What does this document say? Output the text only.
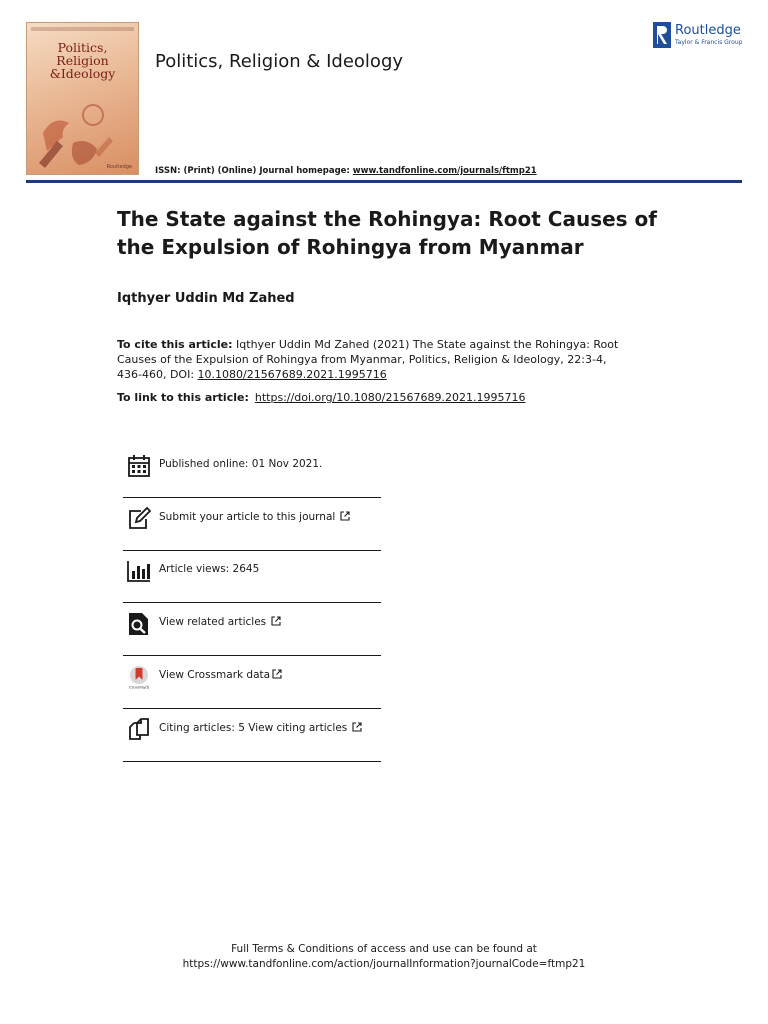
Politics,
Religion
&Ideology
Routledge
Politics, Religion & Ideology
Routledge
Taylor & Francis Group
ISSN: (Print) (Online) Journal homepage: www.tandfonline.com/journals/ftmp21
The State against the Rohingya: Root Causes of the Expulsion of Rohingya from Myanmar
Iqthyer Uddin Md Zahed
To cite this article: Iqthyer Uddin Md Zahed (2021) The State against the Rohingya: Root Causes of the Expulsion of Rohingya from Myanmar, Politics, Religion & Ideology, 22:3-4, 436-460, DOI: 10.1080/21567689.2021.1995716
To link to this article: https://doi.org/10.1080/21567689.2021.1995716
Published online: 01 Nov 2021.
Submit your article to this journal
Article views: 2645
View related articles
CrossMark
View Crossmark data
Citing articles: 5 View citing articles
Full Terms & Conditions of access and use can be found at
https://www.tandfonline.com/action/journalInformation?journalCode=ftmp21
